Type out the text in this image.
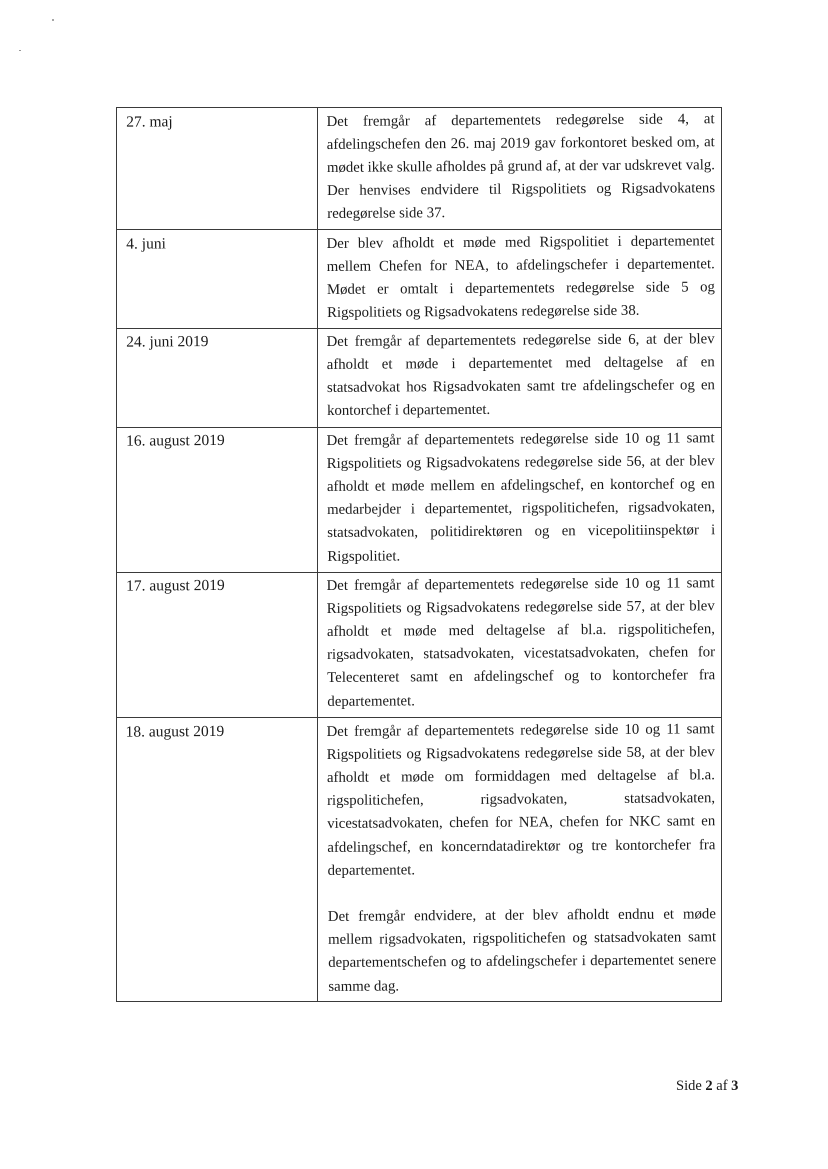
27. maj	Det fremgår af departementets redegørelse side 4, at afdelingschefen den 26. maj 2019 gav forkontoret besked om, at mødet ikke skulle afholdes på grund af, at der var udskrevet valg. Der henvises endvidere til Rigspolitiets og Rigsadvokatens redegørelse side 37.

4. juni	Der blev afholdt et møde med Rigspolitiet i departementet mellem Chefen for NEA, to afdelingschefer i departementet. Mødet er omtalt i departementets redegørelse side 5 og Rigspolitiets og Rigsadvokatens redegørelse side 38.

24. juni 2019	Det fremgår af departementets redegørelse side 6, at der blev afholdt et møde i departementet med deltagelse af en statsadvokat hos Rigsadvokaten samt tre afdelingschefer og en kontorchef i departementet.

16. august 2019	Det fremgår af departementets redegørelse side 10 og 11 samt Rigspolitiets og Rigsadvokatens redegørelse side 56, at der blev afholdt et møde mellem en afdelingschef, en kontorchef og en medarbejder i departementet, rigspolitichefen, rigsadvokaten, statsadvokaten, politidirektøren og en vicepolitiinspektør i Rigspolitiet.

17. august 2019	Det fremgår af departementets redegørelse side 10 og 11 samt Rigspolitiets og Rigsadvokatens redegørelse side 57, at der blev afholdt et møde med deltagelse af bl.a. rigspolitichefen, rigsadvokaten, statsadvokaten, vicestatsadvokaten, chefen for Telecenteret samt en afdelingschef og to kontorchefer fra departementet.

18. august 2019	Det fremgår af departementets redegørelse side 10 og 11 samt Rigspolitiets og Rigsadvokatens redegørelse side 58, at der blev afholdt et møde om formiddagen med deltagelse af bl.a. rigspolitichefen, rigsadvokaten, statsadvokaten, vicestatsadvokaten, chefen for NEA, chefen for NKC samt en afdelingschef, en koncerndatadirektør og tre kontorchefer fra departementet.

Det fremgår endvidere, at der blev afholdt endnu et møde mellem rigsadvokaten, rigspolitichefen og statsadvokaten samt departementschefen og to afdelingschefer i departementet senere samme dag.

Side 2 af 3
